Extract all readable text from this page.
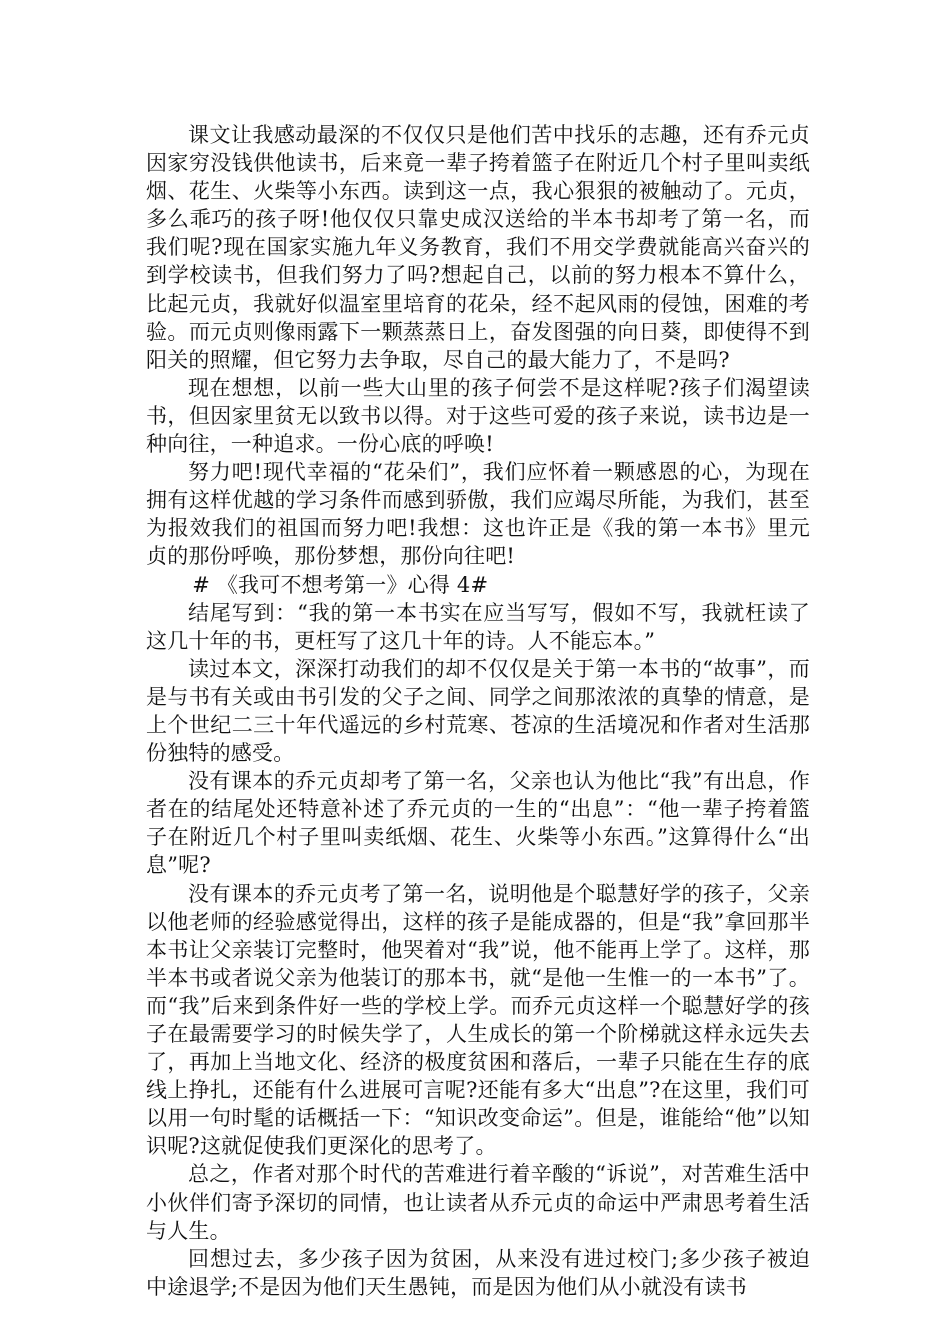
课文让我感动最深的不仅仅只是他们苦中找乐的志趣，还有乔元贞因家穷没钱供他读书，后来竟一辈子挎着篮子在附近几个村子里叫卖纸烟、花生、火柴等小东西。读到这一点，我心狠狠的被触动了。元贞，多么乖巧的孩子呀!他仅仅只靠史成汉送给的半本书却考了第一名，而我们呢?现在国家实施九年义务教育，我们不用交学费就能高兴奋兴的到学校读书，但我们努力了吗?想起自己，以前的努力根本不算什么，比起元贞，我就好似温室里培育的花朵，经不起风雨的侵蚀，困难的考验。而元贞则像雨露下一颗蒸蒸日上，奋发图强的向日葵，即使得不到阳关的照耀，但它努力去争取，尽自己的最大能力了，不是吗?

现在想想，以前一些大山里的孩子何尝不是这样呢?孩子们渴望读书，但因家里贫无以致书以得。对于这些可爱的孩子来说，读书边是一种向往，一种追求。一份心底的呼唤!

努力吧!现代幸福的“花朵们”，我们应怀着一颗感恩的心，为现在拥有这样优越的学习条件而感到骄傲，我们应竭尽所能，为我们，甚至为报效我们的祖国而努力吧!我想：这也许正是《我的第一本书》里元贞的那份呼唤，那份梦想，那份向往吧!

# 《我可不想考第一》心得 4#

结尾写到：“我的第一本书实在应当写写，假如不写，我就枉读了这几十年的书，更枉写了这几十年的诗。人不能忘本。”

读过本文，深深打动我们的却不仅仅是关于第一本书的“故事”，而是与书有关或由书引发的父子之间、同学之间那浓浓的真挚的情意，是上个世纪二三十年代遥远的乡村荒寒、苍凉的生活境况和作者对生活那份独特的感受。

没有课本的乔元贞却考了第一名，父亲也认为他比“我”有出息，作者在的结尾处还特意补述了乔元贞的一生的“出息”：“他一辈子挎着篮子在附近几个村子里叫卖纸烟、花生、火柴等小东西。”这算得什么“出息”呢?

没有课本的乔元贞考了第一名，说明他是个聪慧好学的孩子，父亲以他老师的经验感觉得出，这样的孩子是能成器的，但是“我”拿回那半本书让父亲装订完整时，他哭着对“我”说，他不能再上学了。这样，那半本书或者说父亲为他装订的那本书，就“是他一生惟一的一本书”了。而“我”后来到条件好一些的学校上学。而乔元贞这样一个聪慧好学的孩子在最需要学习的时候失学了，人生成长的第一个阶梯就这样永远失去了，再加上当地文化、经济的极度贫困和落后，一辈子只能在生存的底线上挣扎，还能有什么进展可言呢?还能有多大“出息”?在这里，我们可以用一句时髦的话概括一下：“知识改变命运”。但是，谁能给“他”以知识呢?这就促使我们更深化的思考了。

总之，作者对那个时代的苦难进行着辛酸的“诉说”，对苦难生活中小伙伴们寄予深切的同情，也让读者从乔元贞的命运中严肃思考着生活与人生。

回想过去，多少孩子因为贫困，从来没有进过校门;多少孩子被迫中途退学;不是因为他们天生愚钝，而是因为他们从小就没有读书
